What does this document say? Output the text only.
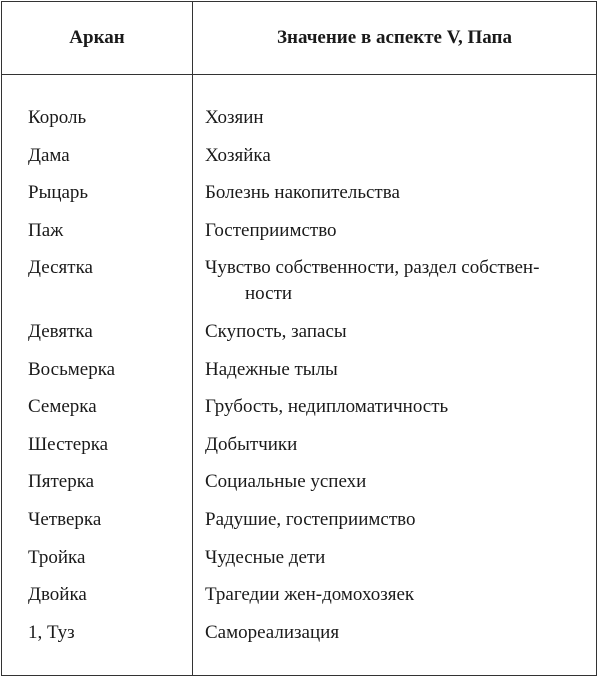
Аркан	Значение в аспекте V, Папа
Король	Хозяин
Дама	Хозяйка
Рыцарь	Болезнь накопительства
Паж	Гостеприимство
Десятка	Чувство собственности, раздел собствен-
ности
Девятка	Скупость, запасы
Восьмерка	Надежные тылы
Семерка	Грубость, недипломатичность
Шестерка	Добытчики
Пятерка	Социальные успехи
Четверка	Радушие, гостеприимство
Тройка	Чудесные дети
Двойка	Трагедии жен-домохозяек
1, Туз	Самореализация
